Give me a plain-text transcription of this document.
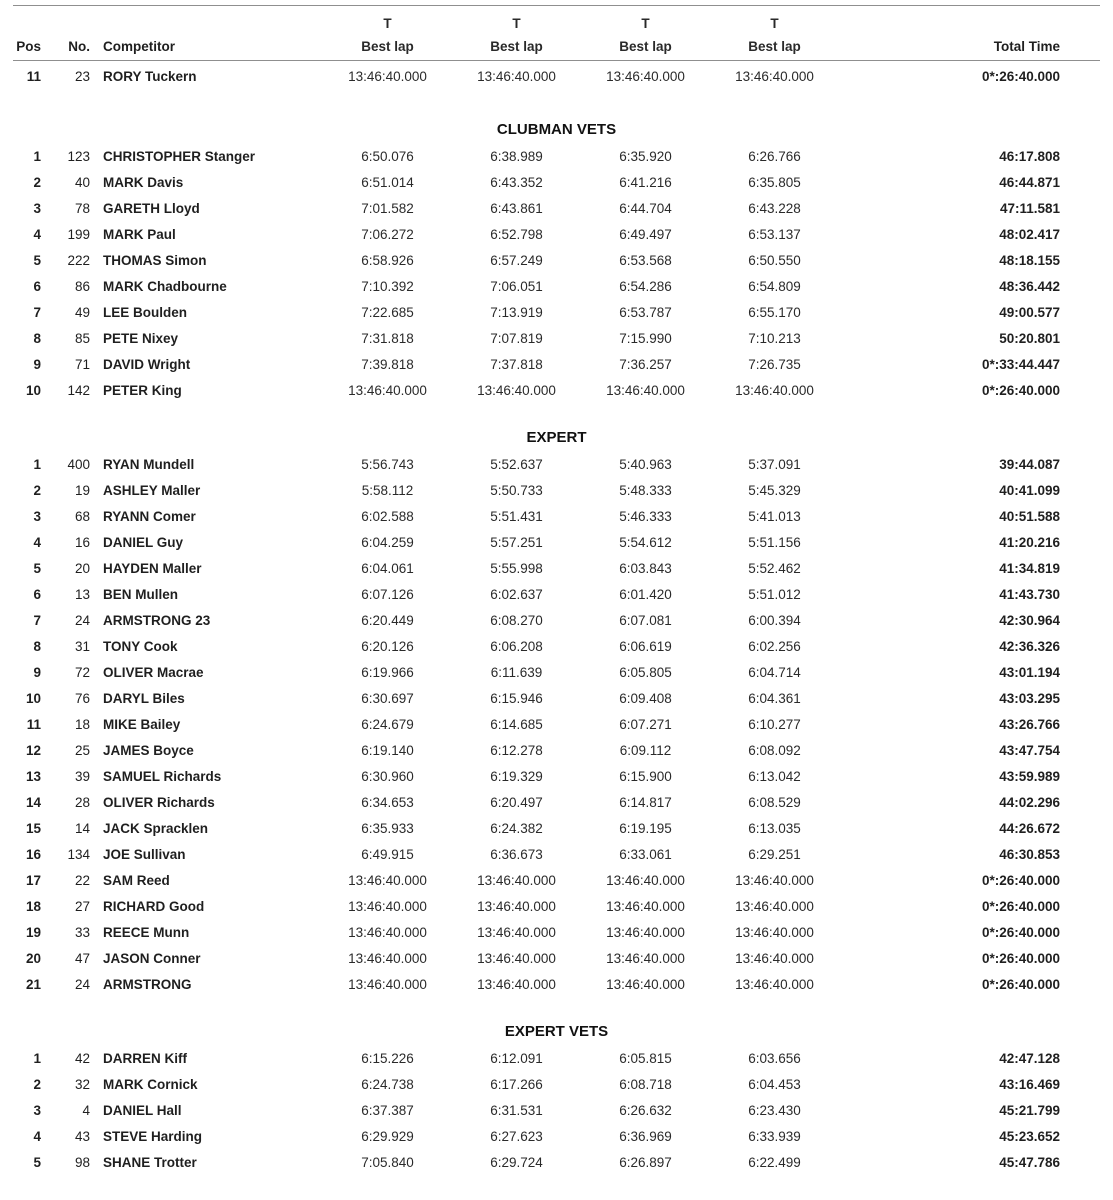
			T	T	T	T	
Pos	No.	Competitor	Best lap	Best lap	Best lap	Best lap	Total Time
11	23	RORY Tuckern	13:46:40.000	13:46:40.000	13:46:40.000	13:46:40.000	0*:26:40.000
CLUBMAN VETS
1	123	CHRISTOPHER Stanger	6:50.076	6:38.989	6:35.920	6:26.766	46:17.808
2	40	MARK Davis	6:51.014	6:43.352	6:41.216	6:35.805	46:44.871
3	78	GARETH Lloyd	7:01.582	6:43.861	6:44.704	6:43.228	47:11.581
4	199	MARK Paul	7:06.272	6:52.798	6:49.497	6:53.137	48:02.417
5	222	THOMAS Simon	6:58.926	6:57.249	6:53.568	6:50.550	48:18.155
6	86	MARK Chadbourne	7:10.392	7:06.051	6:54.286	6:54.809	48:36.442
7	49	LEE Boulden	7:22.685	7:13.919	6:53.787	6:55.170	49:00.577
8	85	PETE Nixey	7:31.818	7:07.819	7:15.990	7:10.213	50:20.801
9	71	DAVID Wright	7:39.818	7:37.818	7:36.257	7:26.735	0*:33:44.447
10	142	PETER King	13:46:40.000	13:46:40.000	13:46:40.000	13:46:40.000	0*:26:40.000
EXPERT
1	400	RYAN Mundell	5:56.743	5:52.637	5:40.963	5:37.091	39:44.087
2	19	ASHLEY Maller	5:58.112	5:50.733	5:48.333	5:45.329	40:41.099
3	68	RYANN Comer	6:02.588	5:51.431	5:46.333	5:41.013	40:51.588
4	16	DANIEL Guy	6:04.259	5:57.251	5:54.612	5:51.156	41:20.216
5	20	HAYDEN Maller	6:04.061	5:55.998	6:03.843	5:52.462	41:34.819
6	13	BEN Mullen	6:07.126	6:02.637	6:01.420	5:51.012	41:43.730
7	24	ARMSTRONG 23	6:20.449	6:08.270	6:07.081	6:00.394	42:30.964
8	31	TONY Cook	6:20.126	6:06.208	6:06.619	6:02.256	42:36.326
9	72	OLIVER Macrae	6:19.966	6:11.639	6:05.805	6:04.714	43:01.194
10	76	DARYL Biles	6:30.697	6:15.946	6:09.408	6:04.361	43:03.295
11	18	MIKE Bailey	6:24.679	6:14.685	6:07.271	6:10.277	43:26.766
12	25	JAMES Boyce	6:19.140	6:12.278	6:09.112	6:08.092	43:47.754
13	39	SAMUEL Richards	6:30.960	6:19.329	6:15.900	6:13.042	43:59.989
14	28	OLIVER Richards	6:34.653	6:20.497	6:14.817	6:08.529	44:02.296
15	14	JACK Spracklen	6:35.933	6:24.382	6:19.195	6:13.035	44:26.672
16	134	JOE Sullivan	6:49.915	6:36.673	6:33.061	6:29.251	46:30.853
17	22	SAM Reed	13:46:40.000	13:46:40.000	13:46:40.000	13:46:40.000	0*:26:40.000
18	27	RICHARD Good	13:46:40.000	13:46:40.000	13:46:40.000	13:46:40.000	0*:26:40.000
19	33	REECE Munn	13:46:40.000	13:46:40.000	13:46:40.000	13:46:40.000	0*:26:40.000
20	47	JASON Conner	13:46:40.000	13:46:40.000	13:46:40.000	13:46:40.000	0*:26:40.000
21	24	ARMSTRONG	13:46:40.000	13:46:40.000	13:46:40.000	13:46:40.000	0*:26:40.000
EXPERT VETS
1	42	DARREN Kiff	6:15.226	6:12.091	6:05.815	6:03.656	42:47.128
2	32	MARK Cornick	6:24.738	6:17.266	6:08.718	6:04.453	43:16.469
3	4	DANIEL Hall	6:37.387	6:31.531	6:26.632	6:23.430	45:21.799
4	43	STEVE Harding	6:29.929	6:27.623	6:36.969	6:33.939	45:23.652
5	98	SHANE Trotter	7:05.840	6:29.724	6:26.897	6:22.499	45:47.786
